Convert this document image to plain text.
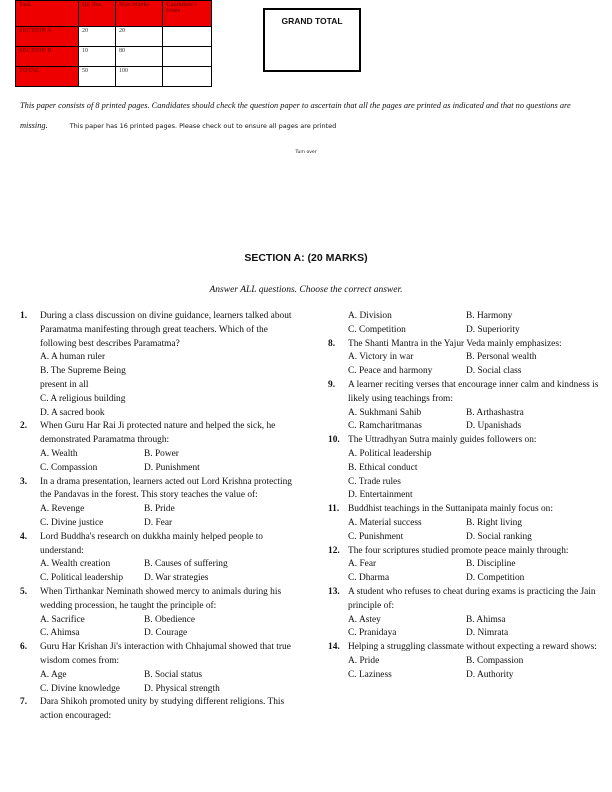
Task	Qn Nos.	Max Marks	Candidate's Score
SECTION A	20	20	
SECTION B	10	80	
TOTAL	50	100	
GRAND TOTAL
This paper consists of 8 printed pages. Candidates should check the question paper to ascertain that all the pages are printed as indicated and that no questions are missing.	This paper has 16 printed pages. Please check out to ensure all pages are printed
Turn over
SECTION A: (20 MARKS)
Answer ALL questions. Choose the correct answer.
1.	During a class discussion on divine guidance, learners talked about Paramatma manifesting through great teachers. Which of the following best describes Paramatma?
A. A human ruler
B. The Supreme Being present in all
C. A religious building
D. A sacred book
2.	When Guru Har Rai Ji protected nature and helped the sick, he demonstrated Paramatma through:
A. Wealth	B. Power
C. Compassion	D. Punishment
3.	In a drama presentation, learners acted out Lord Krishna protecting the Pandavas in the forest. This story teaches the value of:
A. Revenge	B. Pride
C. Divine justice	D. Fear
4.	Lord Buddha's research on dukkha mainly helped people to understand:
A. Wealth creation	B. Causes of suffering
C. Political leadership	D. War strategies
5.	When Tirthankar Neminath showed mercy to animals during his wedding procession, he taught the principle of:
A. Sacrifice	B. Obedience
C. Ahimsa	D. Courage
6.	Guru Har Krishan Ji's interaction with Chhajumal showed that true wisdom comes from:
A. Age	B. Social status
C. Divine knowledge	D. Physical strength
7.	Dara Shikoh promoted unity by studying different religions. This action encouraged:
A. Division	B. Harmony
C. Competition	D. Superiority
8.	The Shanti Mantra in the Yajur Veda mainly emphasizes:
A. Victory in war	B. Personal wealth
C. Peace and harmony	D. Social class
9.	A learner reciting verses that encourage inner calm and kindness is likely using teachings from:
A. Sukhmani Sahib	B. Arthashastra
C. Ramcharitmanas	D. Upanishads
10. The Uttradhyan Sutra mainly guides followers on:
A. Political leadership
B. Ethical conduct
C. Trade rules
D. Entertainment
11. Buddhist teachings in the Suttanipata mainly focus on:
A. Material success	B. Right living
C. Punishment	D. Social ranking
12. The four scriptures studied promote peace mainly through:
A. Fear	B. Discipline
C. Dharma	D. Competition
13. A student who refuses to cheat during exams is practicing the Jain principle of:
A. Astey	B. Ahimsa
C. Pranidaya	D. Nimrata
14. Helping a struggling classmate without expecting a reward shows:
A. Pride	B. Compassion
C. Laziness	D. Authority
